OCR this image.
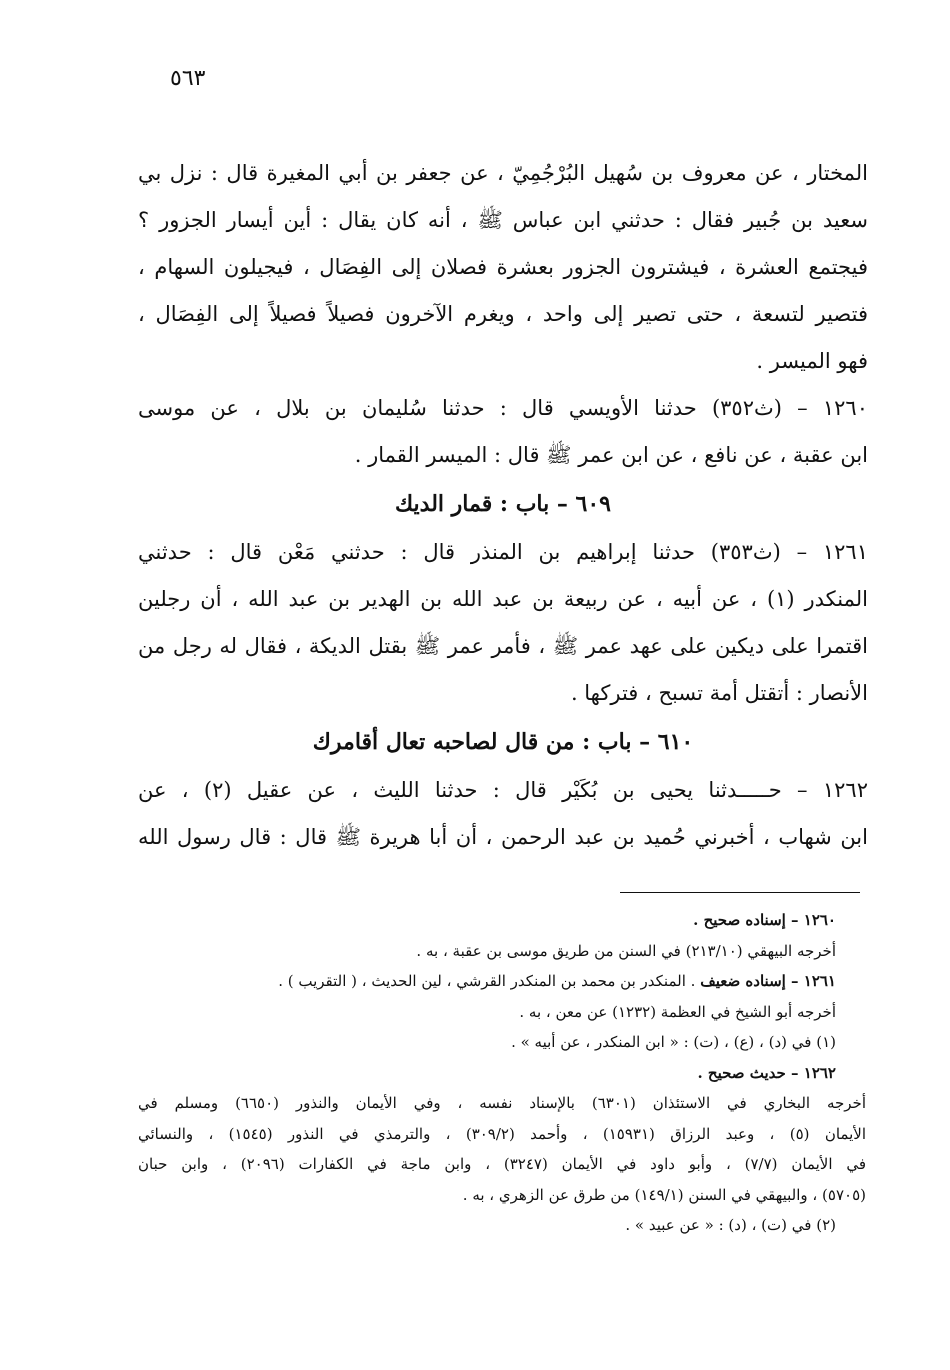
٥٦٣
المختار ، عن معروف بن سُهيل البُرْجُمِيّ ، عن جعفر بن أبي المغيرة قال : نزل بي
سعيد بن جُبير فقال : حدثني ابن عباس ﷺ ، أنه كان يقال : أين أيسار الجزور ؟
فيجتمع العشرة ، فيشترون الجزور بعشرة فصلان إلى الفِصَال ، فيجيلون السهام ،
فتصير لتسعة ، حتى تصير إلى واحد ، ويغرم الآخرون فصيلاً فصيلاً إلى الفِصَال ،
فهو الميسر .
١٢٦٠ – (ث٣٥٢) حدثنا الأويسي قال : حدثنا سُليمان بن بلال ، عن موسى
ابن عقبة ، عن نافع ، عن ابن عمر ﷺ قال : الميسر القمار .
٦٠٩ – باب : قمار الديك
١٢٦١ – (ث٣٥٣) حدثنا إبراهيم بن المنذر قال : حدثني مَعْن قال : حدثني
المنكدر (١) ، عن أبيه ، عن ربيعة بن عبد الله بن الهدير بن عبد الله ، أن رجلين
اقتمرا على ديكين على عهد عمر ﷺ ، فأمر عمر ﷺ بقتل الديكة ، فقال له رجل من
الأنصار : أتقتل أمة تسبح ، فتركها .
٦١٠ – باب : من قال لصاحبه تعال أقامرك
١٢٦٢ – حـــــدثنا يحيى بن بُكَيْر قال : حدثنا الليث ، عن عقيل (٢) ، عن
ابن شهاب ، أخبرني حُميد بن عبد الرحمن ، أن أبا هريرة ﷺ قال : قال رسول الله
١٢٦٠ – إسناده صحيح .
أخرجه البيهقي (٢١٣/١٠) في السنن من طريق موسى بن عقبة ، به .
١٢٦١ – إسناده ضعيف . المنكدر بن محمد بن المنكدر القرشي ، لين الحديث ، ( التقريب ) .
أخرجه أبو الشيخ في العظمة (١٢٣٢) عن معن ، به .
(١) في (د) ، (ع) ، (ت) : « ابن المنكدر ، عن أبيه » .
١٢٦٢ – حديث صحيح .
أخرجه البخاري في الاستئذان (٦٣٠١) بالإسناد نفسه ، وفي الأيمان والنذور (٦٦٥٠) ومسلم في
الأيمان (٥) ، وعبد الرزاق (١٥٩٣١) ، وأحمد (٣٠٩/٢) ، والترمذي في النذور (١٥٤٥) ، والنسائي
في الأيمان (٧/٧) ، وأبو داود في الأيمان (٣٢٤٧) ، وابن ماجة في الكفارات (٢٠٩٦) ، وابن حبان
(٥٧٠٥) ، والبيهقي في السنن (١٤٩/١) من طرق عن الزهري ، به .
(٢) في (ت) ، (د) : « عن عبيد » .
